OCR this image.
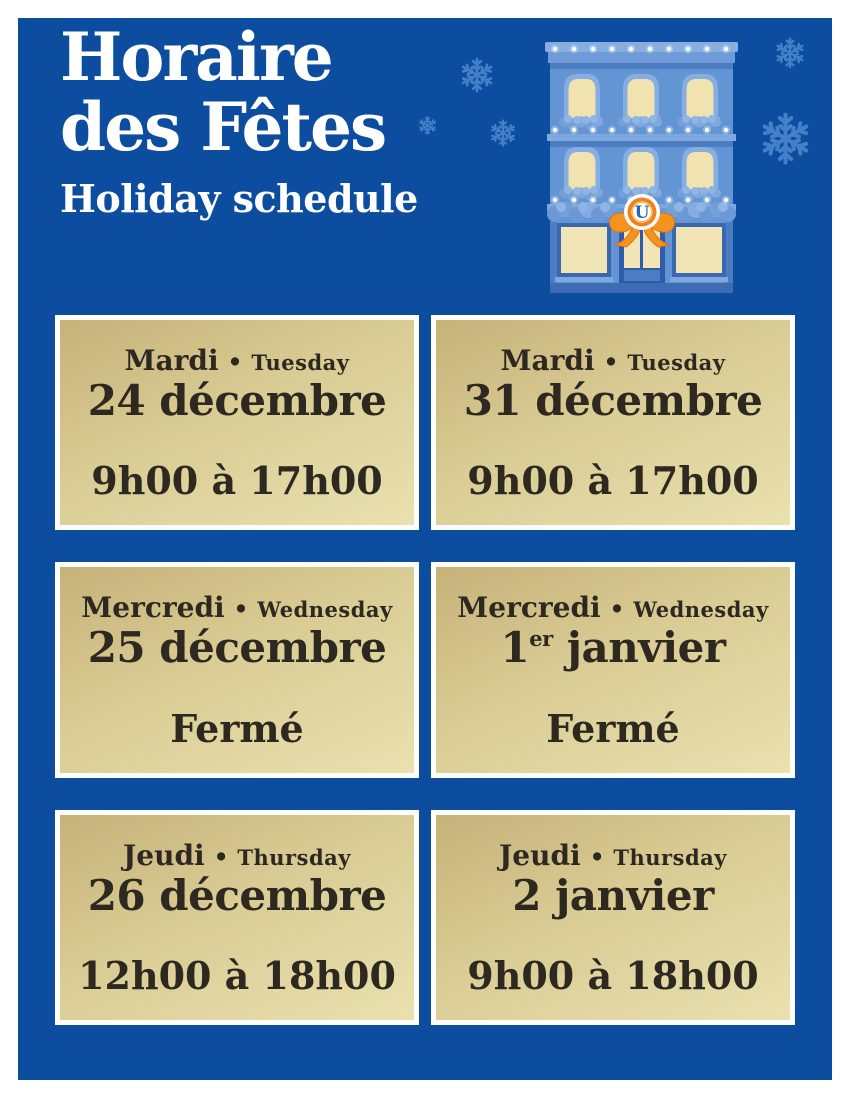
Horaire
des Fêtes
Holiday schedule	U
Mardi • Tuesday
24 décembre
9h00 à 17h00
Mardi • Tuesday
31 décembre
9h00 à 17h00
Mercredi • Wednesday
25 décembre
Fermé
Mercredi • Wednesday
1er janvier
Fermé
Jeudi • Thursday
26 décembre
12h00 à 18h00
Jeudi • Thursday
2 janvier
9h00 à 18h00
